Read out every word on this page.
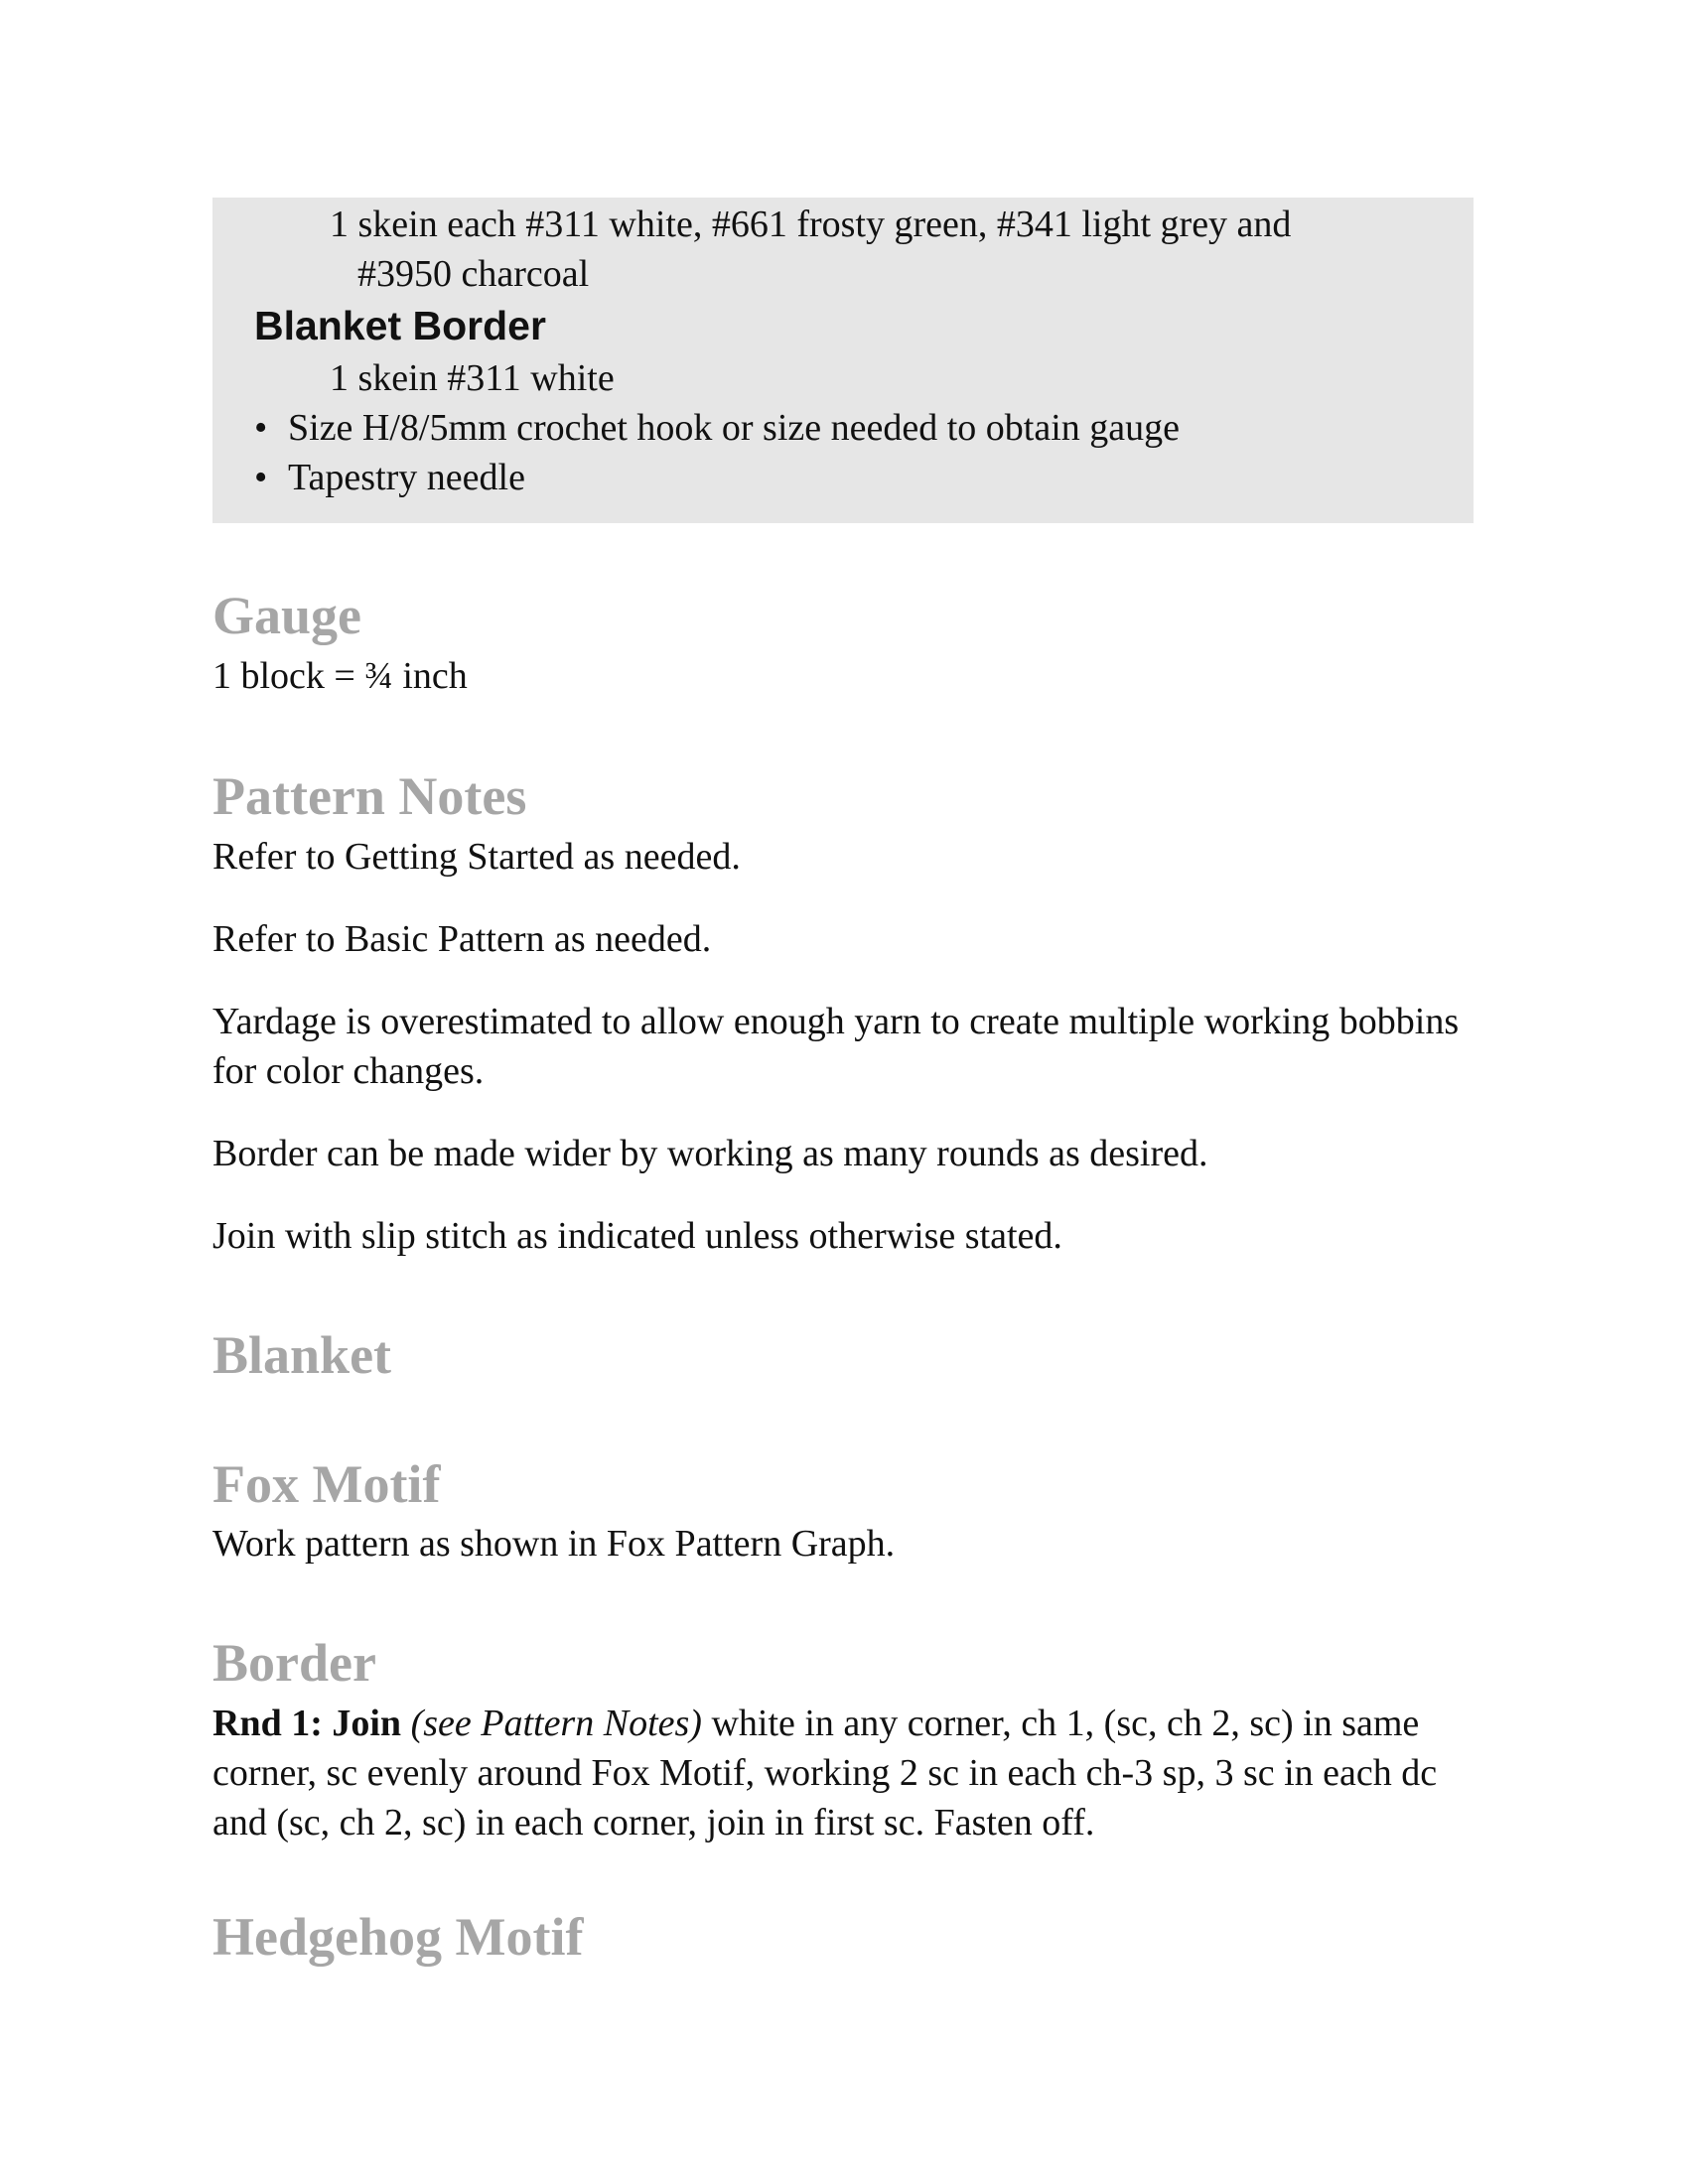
1 skein each #311 white, #661 frosty green, #341 light grey and
#3950 charcoal
Blanket Border
1 skein #311 white
• Size H/8/5mm crochet hook or size needed to obtain gauge
• Tapestry needle
Gauge

1 block = ¾ inch

Pattern Notes

Refer to Getting Started as needed.

Refer to Basic Pattern as needed.

Yardage is overestimated to allow enough yarn to create multiple working bobbins for color changes.

Border can be made wider by working as many rounds as desired.

Join with slip stitch as indicated unless otherwise stated.

Blanket
Fox Motif

Work pattern as shown in Fox Pattern Graph.

Border

Rnd 1: Join (see Pattern Notes) white in any corner, ch 1, (sc, ch 2, sc) in same corner, sc evenly around Fox Motif, working 2 sc in each ch-3 sp, 3 sc in each dc and (sc, ch 2, sc) in each corner, join in first sc. Fasten off.

Hedgehog Motif
